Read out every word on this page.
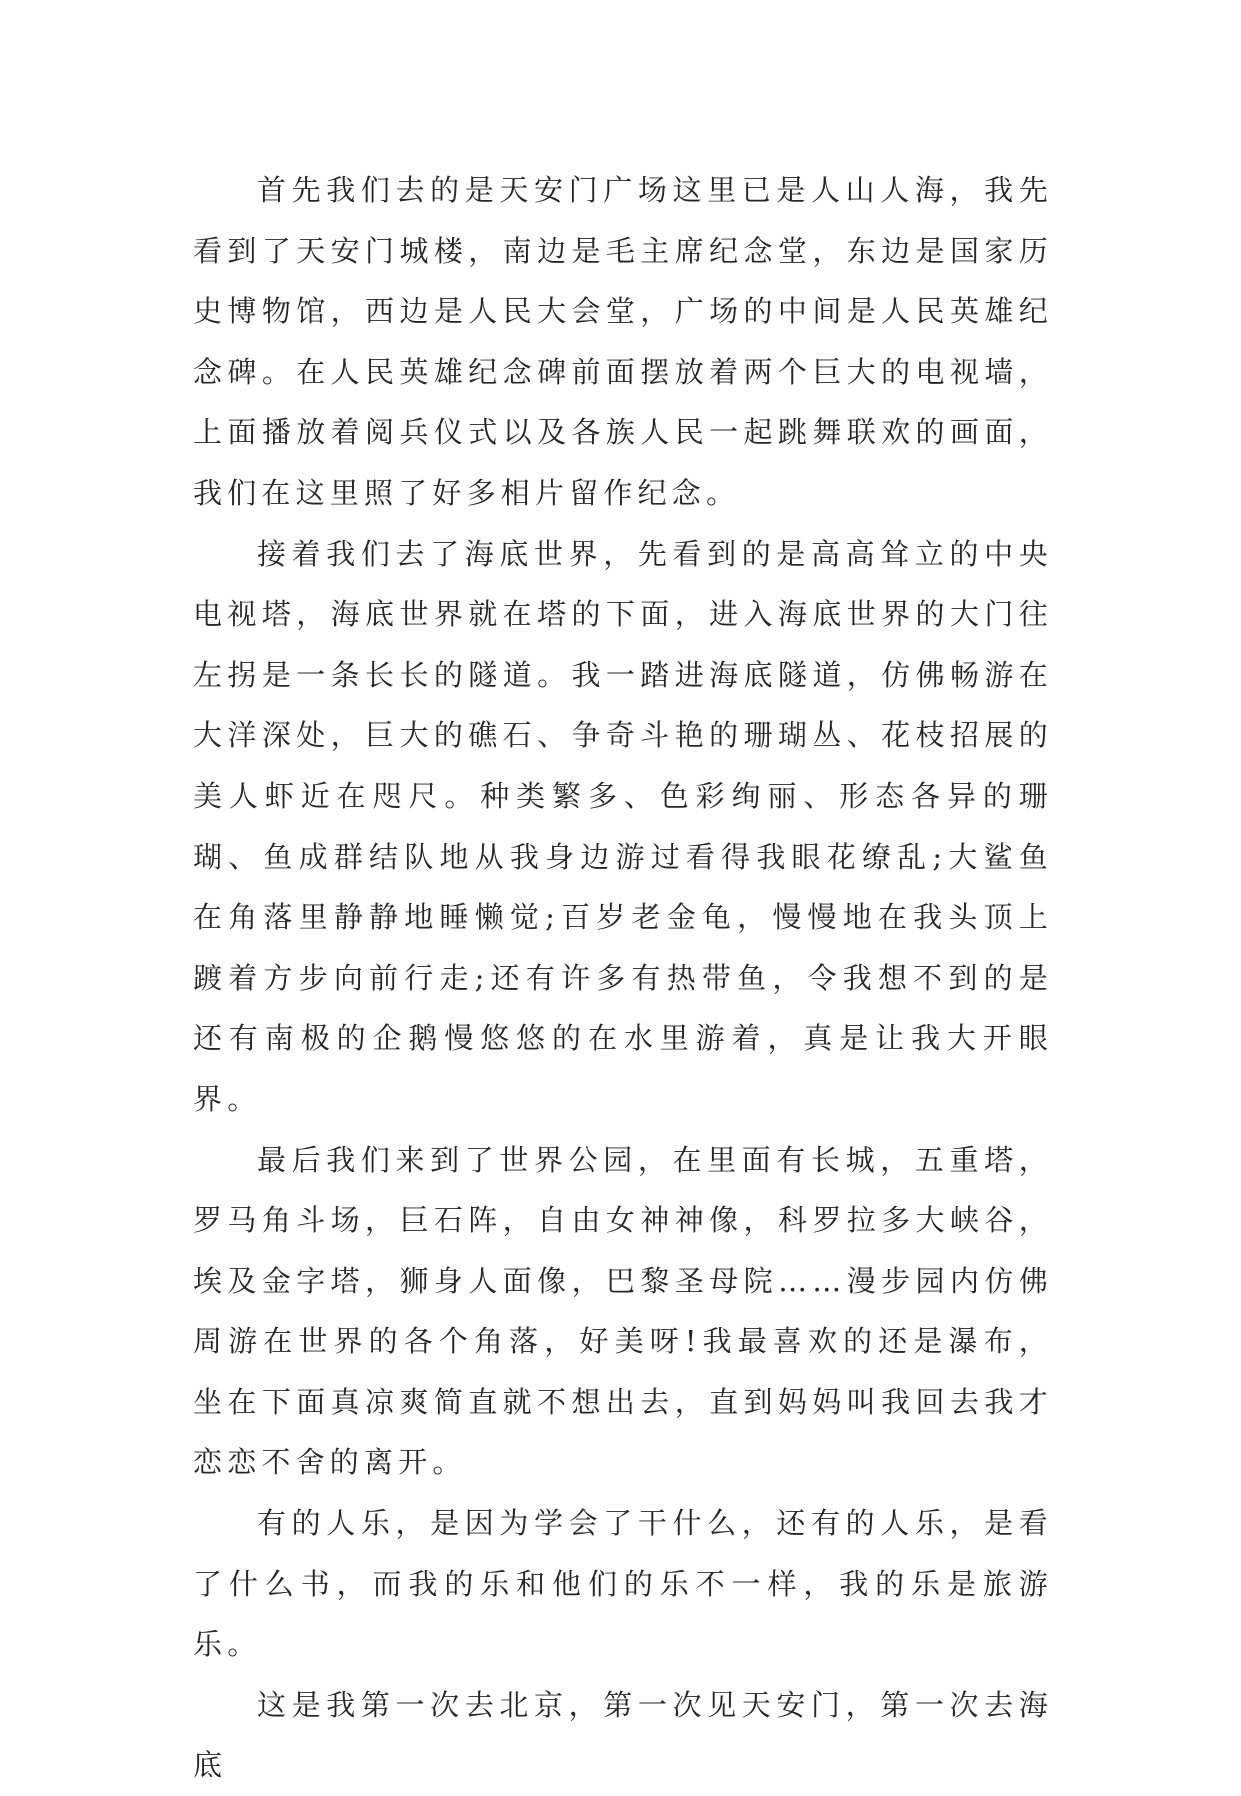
首先我们去的是天安门广场这里已是人山人海，我先看到了天安门城楼，南边是毛主席纪念堂，东边是国家历史博物馆，西边是人民大会堂，广场的中间是人民英雄纪念碑。在人民英雄纪念碑前面摆放着两个巨大的电视墙，上面播放着阅兵仪式以及各族人民一起跳舞联欢的画面，我们在这里照了好多相片留作纪念。

接着我们去了海底世界，先看到的是高高耸立的中央电视塔，海底世界就在塔的下面，进入海底世界的大门往左拐是一条长长的隧道。我一踏进海底隧道，仿佛畅游在大洋深处，巨大的礁石、争奇斗艳的珊瑚丛、花枝招展的美人虾近在咫尺。种类繁多、色彩绚丽、形态各异的珊瑚、鱼成群结队地从我身边游过看得我眼花缭乱;大鲨鱼在角落里静静地睡懒觉;百岁老金龟，慢慢地在我头顶上踱着方步向前行走;还有许多有热带鱼，令我想不到的是还有南极的企鹅慢悠悠的在水里游着，真是让我大开眼界。

最后我们来到了世界公园，在里面有长城，五重塔，罗马角斗场，巨石阵，自由女神神像，科罗拉多大峡谷，埃及金字塔，狮身人面像，巴黎圣母院……漫步园内仿佛周游在世界的各个角落，好美呀!我最喜欢的还是瀑布，坐在下面真凉爽简直就不想出去，直到妈妈叫我回去我才恋恋不舍的离开。

有的人乐，是因为学会了干什么，还有的人乐，是看了什么书，而我的乐和他们的乐不一样，我的乐是旅游乐。

这是我第一次去北京，第一次见天安门，第一次去海底
